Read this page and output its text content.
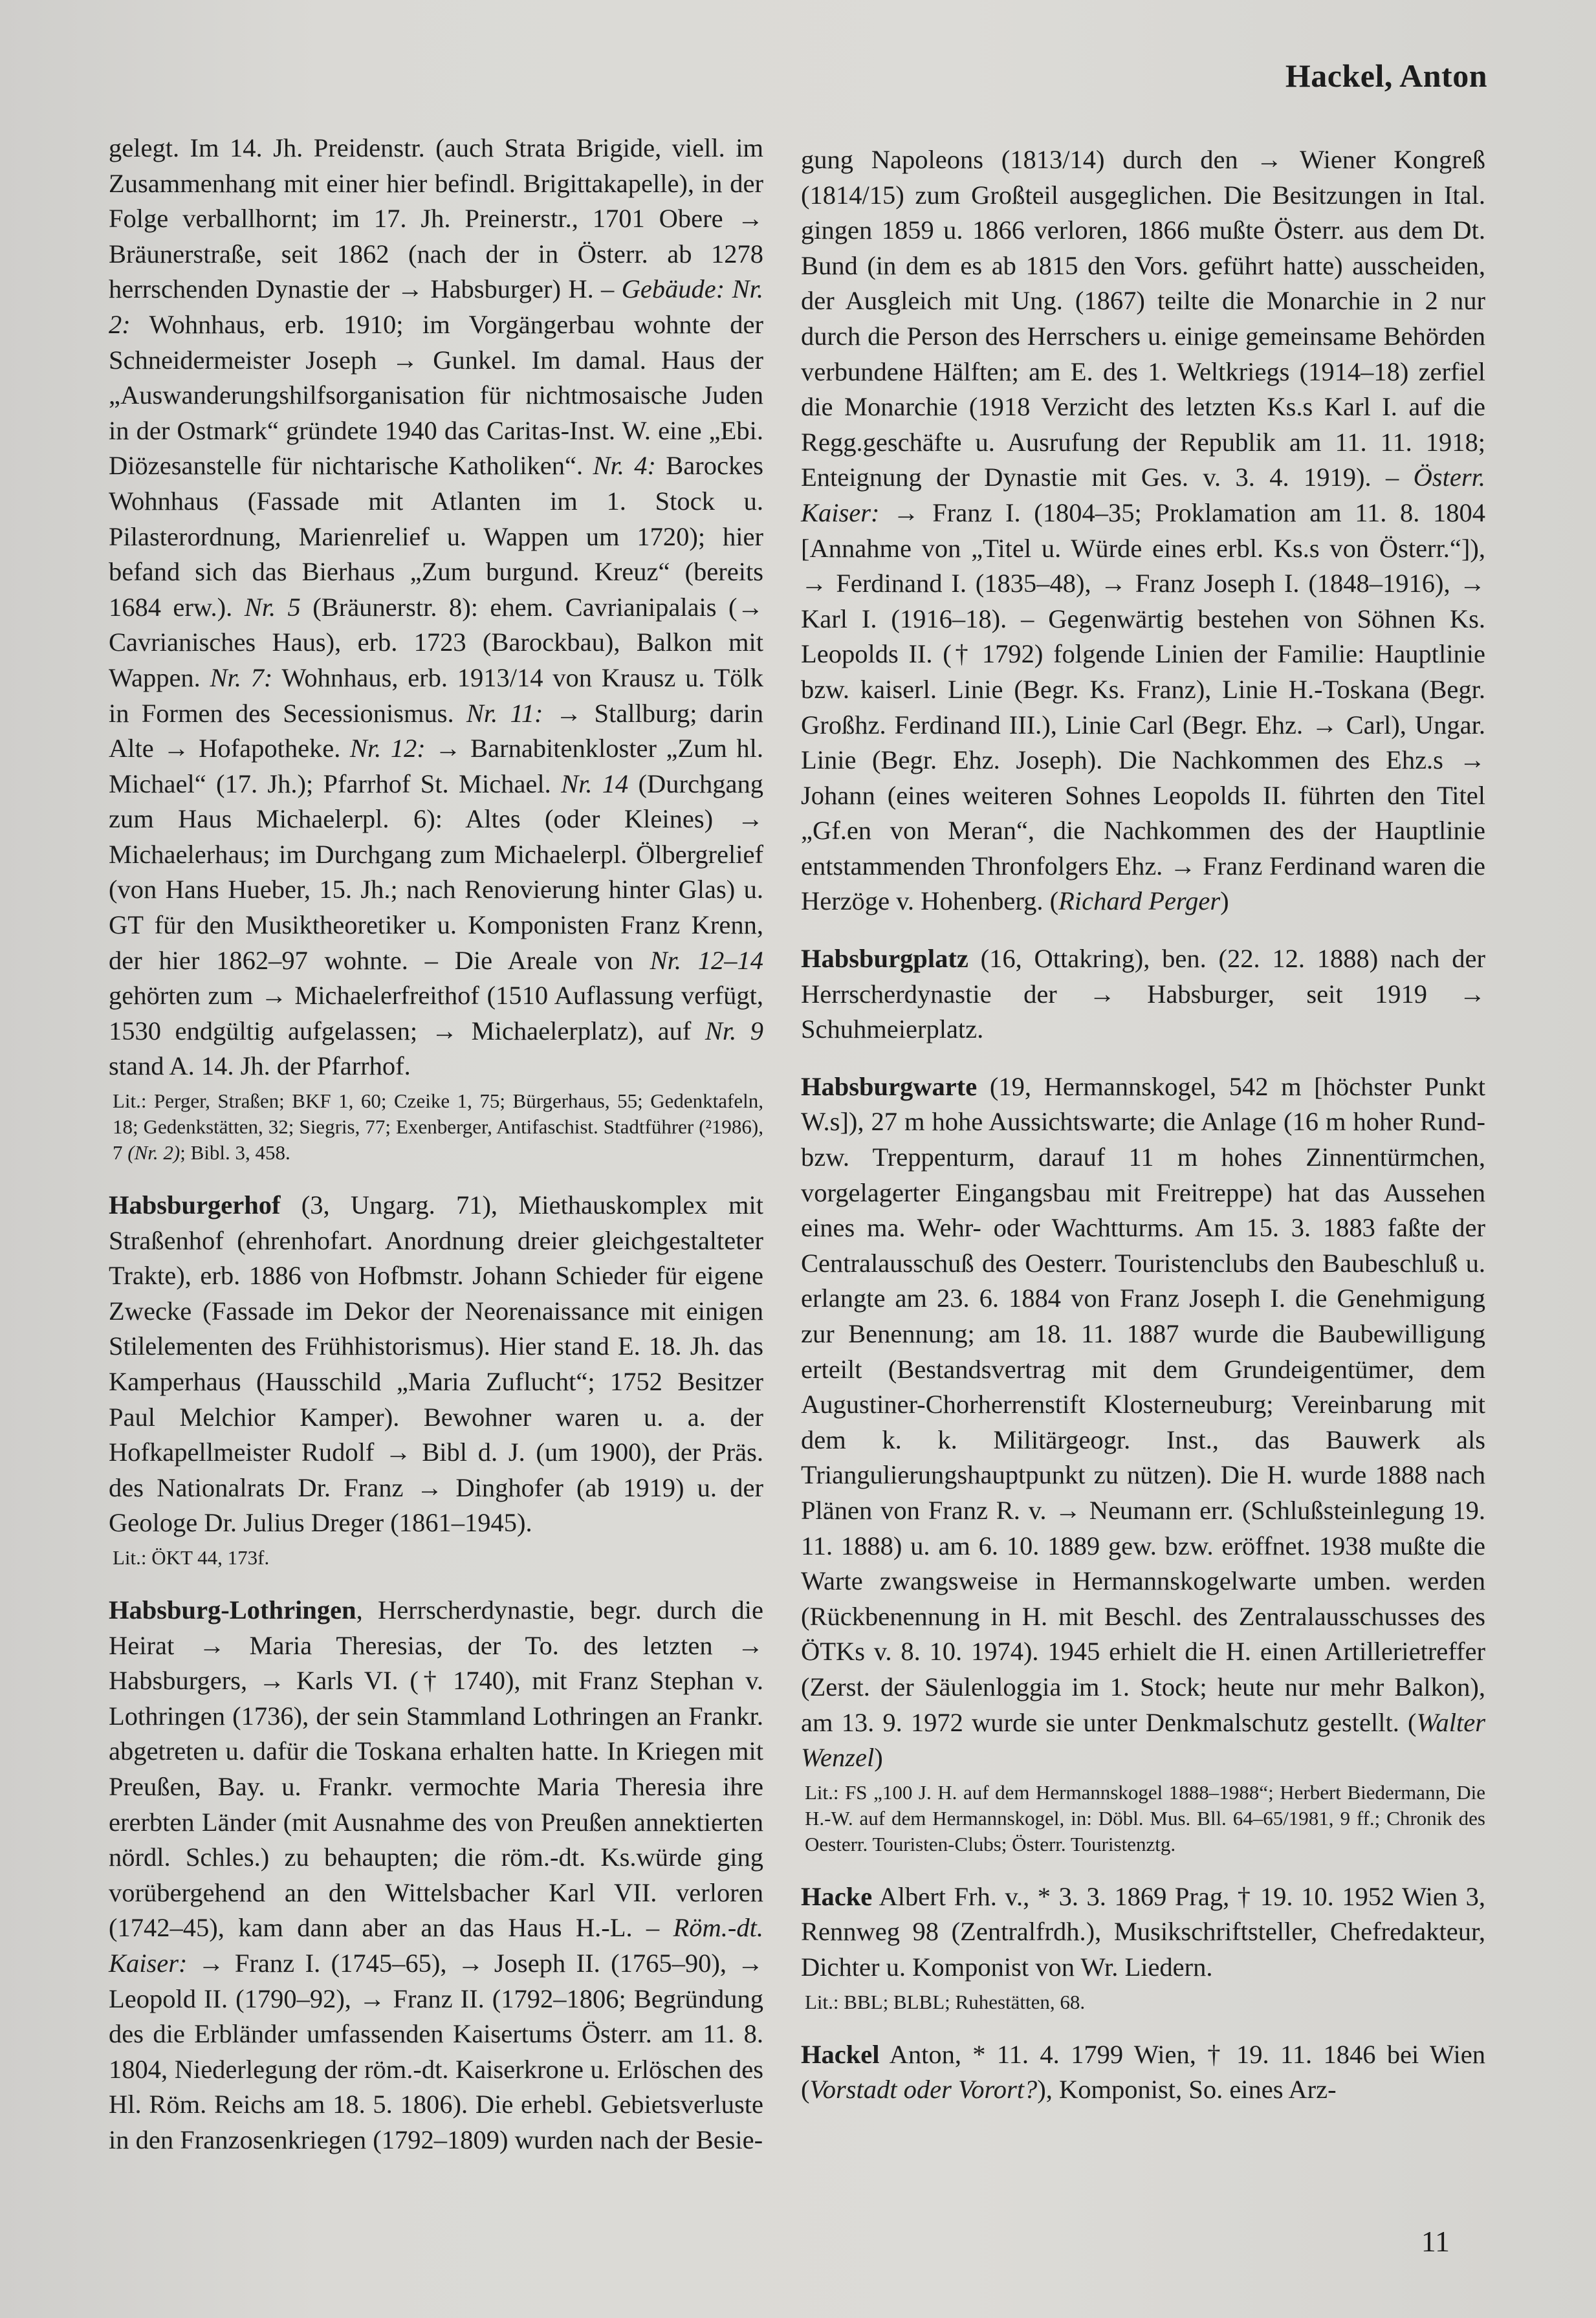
Hackel, Anton

gelegt. Im 14. Jh. Preidenstr. (auch Strata Brigide, viell. im Zusammenhang mit einer hier befindl. Brigittakapelle), in der Folge verballhornt; im 17. Jh. Preinerstr., 1701 Obere → Bräunerstraße, seit 1862 (nach der in Österr. ab 1278 herrschenden Dynastie der → Habsburger) H. – Gebäude: Nr. 2: Wohnhaus, erb. 1910; im Vorgängerbau wohnte der Schneidermeister Joseph → Gunkel. Im damal. Haus der „Auswanderungshilfsorganisation für nichtmosaische Juden in der Ostmark“ gründete 1940 das Caritas-Inst. W. eine „Ebi. Diözesanstelle für nichtarische Katholiken“. Nr. 4: Barockes Wohnhaus (Fassade mit Atlanten im 1. Stock u. Pilasterordnung, Marienrelief u. Wappen um 1720); hier befand sich das Bierhaus „Zum burgund. Kreuz“ (bereits 1684 erw.). Nr. 5 (Bräunerstr. 8): ehem. Cavrianipalais (→ Cavrianisches Haus), erb. 1723 (Barockbau), Balkon mit Wappen. Nr. 7: Wohnhaus, erb. 1913/14 von Krausz u. Tölk in Formen des Secessionismus. Nr. 11: → Stallburg; darin Alte → Hofapotheke. Nr. 12: → Barnabitenkloster „Zum hl. Michael“ (17. Jh.); Pfarrhof St. Michael. Nr. 14 (Durchgang zum Haus Michaelerpl. 6): Altes (oder Kleines) → Michaelerhaus; im Durchgang zum Michaelerpl. Ölbergrelief (von Hans Hueber, 15. Jh.; nach Renovierung hinter Glas) u. GT für den Musiktheoretiker u. Komponisten Franz Krenn, der hier 1862–97 wohnte. – Die Areale von Nr. 12–14 gehörten zum → Michaelerfreithof (1510 Auflassung verfügt, 1530 endgültig aufgelassen; → Michaelerplatz), auf Nr. 9 stand A. 14. Jh. der Pfarrhof.

Lit.: Perger, Straßen; BKF 1, 60; Czeike 1, 75; Bürgerhaus, 55; Gedenktafeln, 18; Gedenkstätten, 32; Siegris, 77; Exenberger, Antifaschist. Stadtführer (²1986), 7 (Nr. 2); Bibl. 3, 458.

Habsburgerhof (3, Ungarg. 71), Miethauskomplex mit Straßenhof (ehrenhofart. Anordnung dreier gleichgestalteter Trakte), erb. 1886 von Hofbmstr. Johann Schieder für eigene Zwecke (Fassade im Dekor der Neorenaissance mit einigen Stilelementen des Frühhistorismus). Hier stand E. 18. Jh. das Kamperhaus (Hausschild „Maria Zuflucht“; 1752 Besitzer Paul Melchior Kamper). Bewohner waren u. a. der Hofkapellmeister Rudolf → Bibl d. J. (um 1900), der Präs. des Nationalrats Dr. Franz → Dinghofer (ab 1919) u. der Geologe Dr. Julius Dreger (1861–1945).

Lit.: ÖKT 44, 173f.

Habsburg-Lothringen, Herrscherdynastie, begr. durch die Heirat → Maria Theresias, der To. des letzten → Habsburgers, → Karls VI. († 1740), mit Franz Stephan v. Lothringen (1736), der sein Stammland Lothringen an Frankr. abgetreten u. dafür die Toskana erhalten hatte. In Kriegen mit Preußen, Bay. u. Frankr. vermochte Maria Theresia ihre ererbten Länder (mit Ausnahme des von Preußen annektierten nördl. Schles.) zu behaupten; die röm.-dt. Ks.würde ging vorübergehend an den Wittelsbacher Karl VII. verloren (1742–45), kam dann aber an das Haus H.-L. – Röm.-dt. Kaiser: → Franz I. (1745–65), → Joseph II. (1765–90), → Leopold II. (1790–92), → Franz II. (1792–1806; Begründung des die Erbländer umfassenden Kaisertums Österr. am 11. 8. 1804, Niederlegung der röm.-dt. Kaiserkrone u. Erlöschen des Hl. Röm. Reichs am 18. 5. 1806). Die erhebl. Gebietsverluste in den Franzosenkriegen (1792–1809) wurden nach der Besie-

gung Napoleons (1813/14) durch den → Wiener Kongreß (1814/15) zum Großteil ausgeglichen. Die Besitzungen in Ital. gingen 1859 u. 1866 verloren, 1866 mußte Österr. aus dem Dt. Bund (in dem es ab 1815 den Vors. geführt hatte) ausscheiden, der Ausgleich mit Ung. (1867) teilte die Monarchie in 2 nur durch die Person des Herrschers u. einige gemeinsame Behörden verbundene Hälften; am E. des 1. Weltkriegs (1914–18) zerfiel die Monarchie (1918 Verzicht des letzten Ks.s Karl I. auf die Regg.geschäfte u. Ausrufung der Republik am 11. 11. 1918; Enteignung der Dynastie mit Ges. v. 3. 4. 1919). – Österr. Kaiser: → Franz I. (1804–35; Proklamation am 11. 8. 1804 [Annahme von „Titel u. Würde eines erbl. Ks.s von Österr.“]), → Ferdinand I. (1835–48), → Franz Joseph I. (1848–1916), → Karl I. (1916–18). – Gegenwärtig bestehen von Söhnen Ks. Leopolds II. († 1792) folgende Linien der Familie: Hauptlinie bzw. kaiserl. Linie (Begr. Ks. Franz), Linie H.-Toskana (Begr. Großhz. Ferdinand III.), Linie Carl (Begr. Ehz. → Carl), Ungar. Linie (Begr. Ehz. Joseph). Die Nachkommen des Ehz.s → Johann (eines weiteren Sohnes Leopolds II. führten den Titel „Gf.en von Meran“, die Nachkommen des der Hauptlinie entstammenden Thronfolgers Ehz. → Franz Ferdinand waren die Herzöge v. Hohenberg. (Richard Perger)

Habsburgplatz (16, Ottakring), ben. (22. 12. 1888) nach der Herrscherdynastie der → Habsburger, seit 1919 → Schuhmeierplatz.

Habsburgwarte (19, Hermannskogel, 542 m [höchster Punkt W.s]), 27 m hohe Aussichtswarte; die Anlage (16 m hoher Rund- bzw. Treppenturm, darauf 11 m hohes Zinnentürmchen, vorgelagerter Eingangsbau mit Freitreppe) hat das Aussehen eines ma. Wehr- oder Wachtturms. Am 15. 3. 1883 faßte der Centralausschuß des Oesterr. Touristenclubs den Baubeschluß u. erlangte am 23. 6. 1884 von Franz Joseph I. die Genehmigung zur Benennung; am 18. 11. 1887 wurde die Baubewilligung erteilt (Bestandsvertrag mit dem Grundeigentümer, dem Augustiner-Chorherrenstift Klosterneuburg; Vereinbarung mit dem k. k. Militärgeogr. Inst., das Bauwerk als Triangulierungshauptpunkt zu nützen). Die H. wurde 1888 nach Plänen von Franz R. v. → Neumann err. (Schlußsteinlegung 19. 11. 1888) u. am 6. 10. 1889 gew. bzw. eröffnet. 1938 mußte die Warte zwangsweise in Hermannskogelwarte umben. werden (Rückbenennung in H. mit Beschl. des Zentralausschusses des ÖTKs v. 8. 10. 1974). 1945 erhielt die H. einen Artillerietreffer (Zerst. der Säulenloggia im 1. Stock; heute nur mehr Balkon), am 13. 9. 1972 wurde sie unter Denkmalschutz gestellt. (Walter Wenzel)

Lit.: FS „100 J. H. auf dem Hermannskogel 1888–1988“; Herbert Biedermann, Die H.-W. auf dem Hermannskogel, in: Döbl. Mus. Bll. 64–65/1981, 9 ff.; Chronik des Oesterr. Touristen-Clubs; Österr. Touristenztg.

Hacke Albert Frh. v., * 3. 3. 1869 Prag, † 19. 10. 1952 Wien 3, Rennweg 98 (Zentralfrdh.), Musikschriftsteller, Chefredakteur, Dichter u. Komponist von Wr. Liedern.

Lit.: BBL; BLBL; Ruhestätten, 68.

Hackel Anton, * 11. 4. 1799 Wien, † 19. 11. 1846 bei Wien (Vorstadt oder Vorort?), Komponist, So. eines Arz-

11
